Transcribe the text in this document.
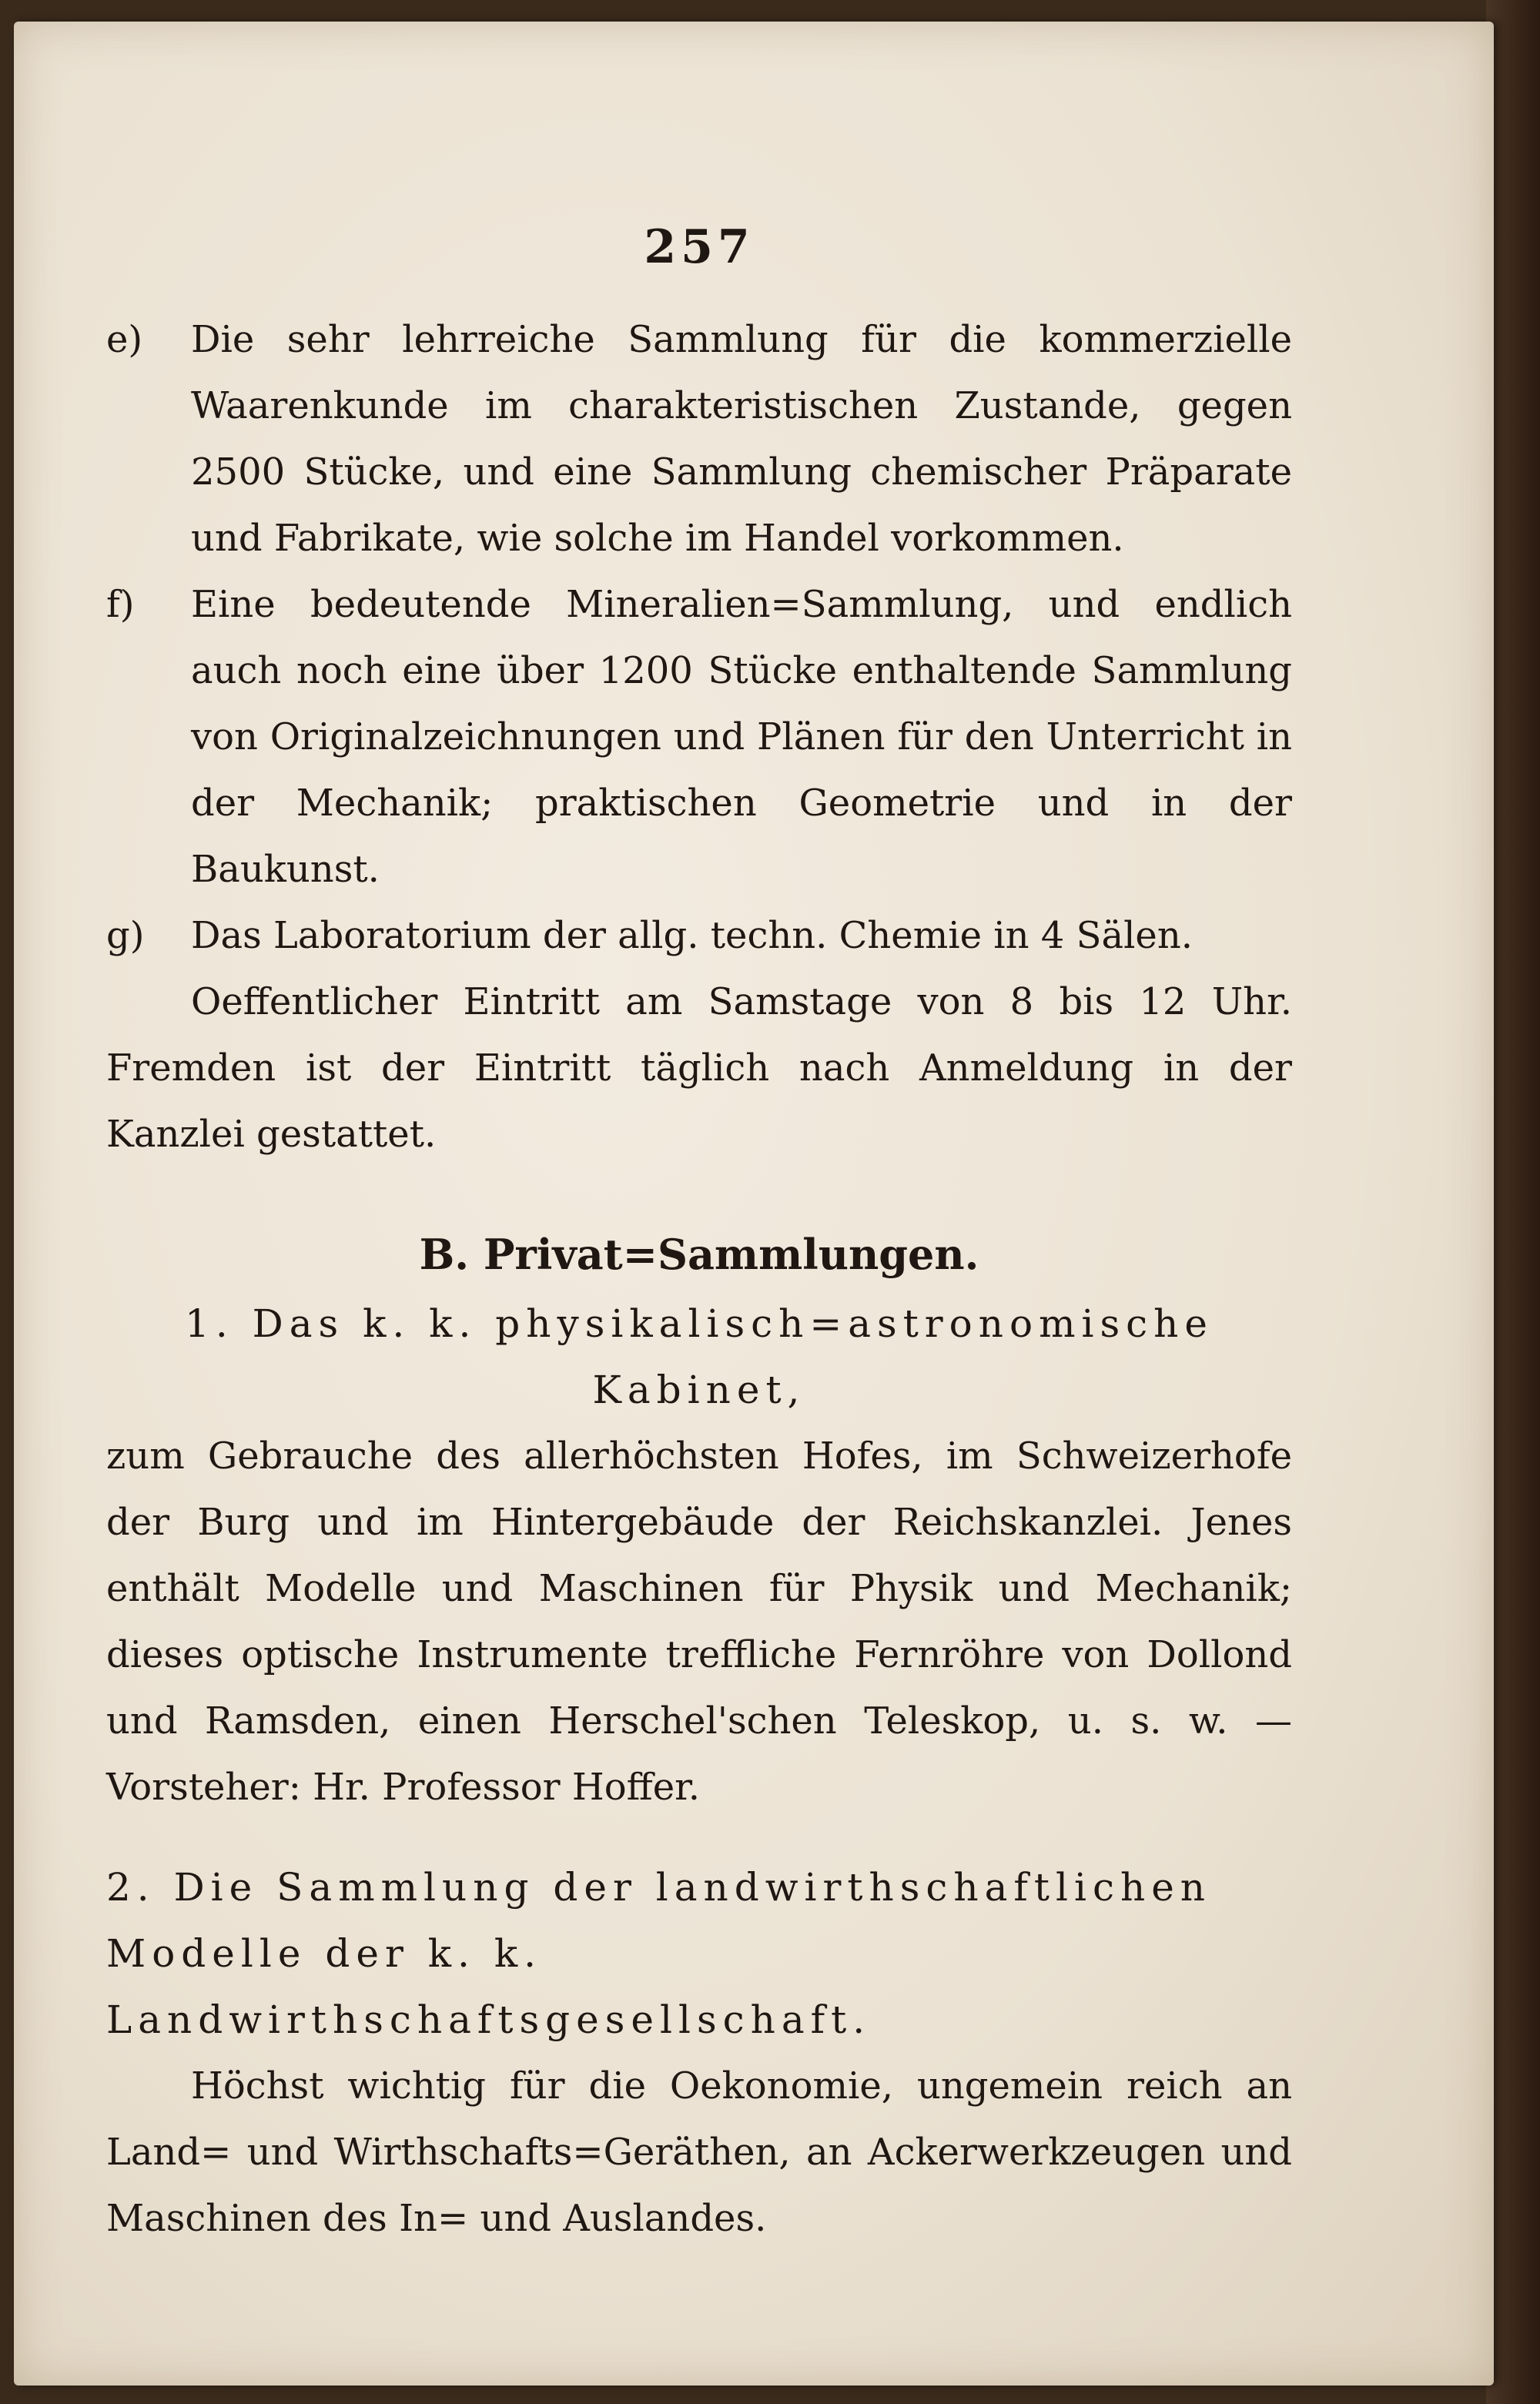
257
e)	Die sehr lehrreiche Sammlung für die kommerzielle Waarenkunde im charakteristischen Zustande, gegen 2500 Stücke, und eine Sammlung chemischer Präparate und Fabrikate, wie solche im Handel vorkommen.
f)	Eine bedeutende Mineralien=Sammlung, und endlich auch noch eine über 1200 Stücke enthaltende Sammlung von Originalzeichnungen und Plänen für den Unterricht in der Mechanik; praktischen Geometrie und in der Baukunst.
g)	Das Laboratorium der allg. techn. Chemie in 4 Sälen.

Oeffentlicher Eintritt am Samstage von 8 bis 12 Uhr. Fremden ist der Eintritt täglich nach Anmeldung in der Kanzlei gestattet.

B. Privat=Sammlungen.

1. Das k. k. physikalisch=astronomische

Kabinet,

zum Gebrauche des allerhöchsten Hofes, im Schweizerhofe der Burg und im Hintergebäude der Reichskanzlei. Jenes enthält Modelle und Maschinen für Physik und Mechanik; dieses optische Instrumente treffliche Fernröhre von Dollond und Ramsden, einen Herschel'schen Teleskop, u. s. w. — Vorsteher: Hr. Professor Hoffer.

2. Die Sammlung der landwirthschaftlichen

Modelle der k. k. Landwirthschaftsgesellschaft.

Höchst wichtig für die Oekonomie, ungemein reich an Land= und Wirthschafts=Geräthen, an Ackerwerkzeugen und Maschinen des In= und Auslandes.
